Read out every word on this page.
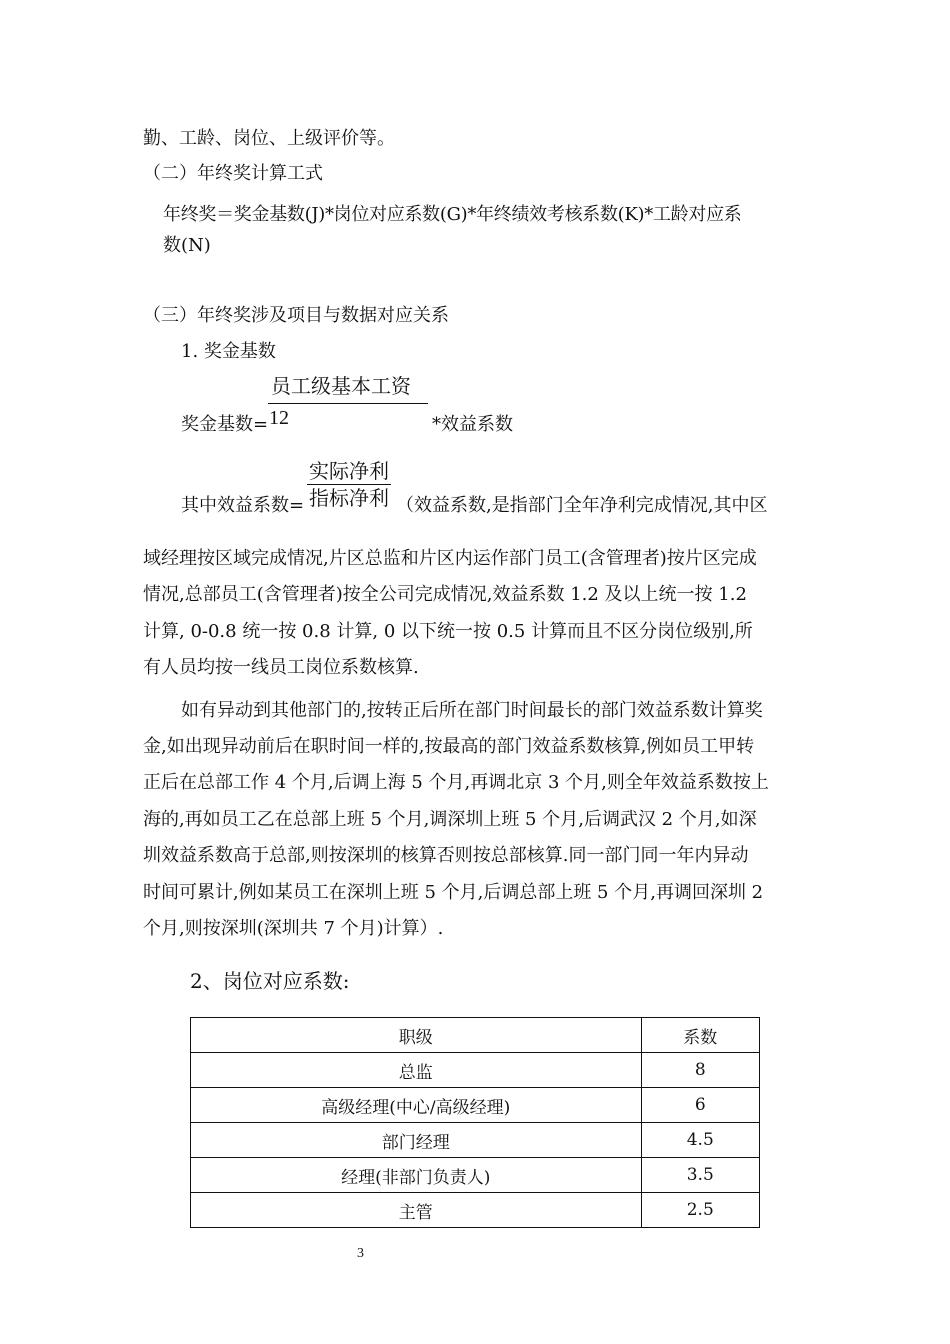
勤、工龄、岗位、上级评价等。
（二）年终奖计算工式
年终奖＝奖金基数(J)*岗位对应系数(G)*年终绩效考核系数(K)*工龄对应系
数(N)
（三）年终奖涉及项目与数据对应关系
1. 奖金基数
奖金基数=
员工级基本工资
12	*效益系数
其中效益系数=
实际净利
指标净利 （效益系数,是指部门全年净利完成情况,其中区
域经理按区域完成情况,片区总监和片区内运作部门员工(含管理者)按片区完成
情况,总部员工(含管理者)按全公司完成情况,效益系数 1.2 及以上统一按 1.2
计算, 0-0.8 统一按 0.8 计算, 0 以下统一按 0.5 计算而且不区分岗位级别,所
有人员均按一线员工岗位系数核算.
如有异动到其他部门的,按转正后所在部门时间最长的部门效益系数计算奖
金,如出现异动前后在职时间一样的,按最高的部门效益系数核算,例如员工甲转
正后在总部工作 4 个月,后调上海 5 个月,再调北京 3 个月,则全年效益系数按上
海的,再如员工乙在总部上班 5 个月,调深圳上班 5 个月,后调武汉 2 个月,如深
圳效益系数高于总部,则按深圳的核算否则按总部核算.同一部门同一年内异动
时间可累计,例如某员工在深圳上班 5 个月,后调总部上班 5 个月,再调回深圳 2
个月,则按深圳(深圳共 7 个月)计算）.
2、岗位对应系数:
职级	系数
总监	8
高级经理(中心/高级经理)	6
部门经理	4.5
经理(非部门负责人)	3.5
主管	2.5
3
